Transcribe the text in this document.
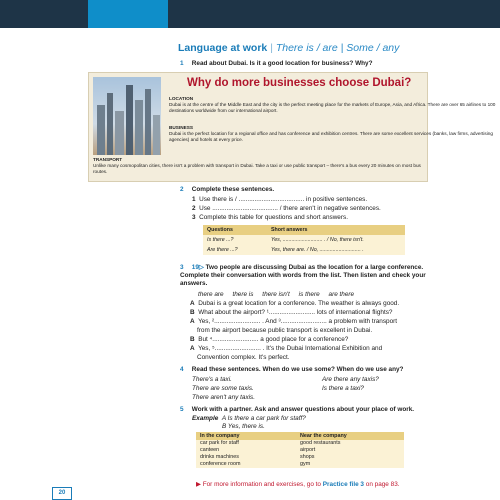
Language at work | There is / are | Some / any
1 Read about Dubai. Is it a good location for business? Why?
Why do more businesses choose Dubai?
LOCATION
Dubai is at the centre of the Middle East and the city is the perfect meeting place for the markets of Europe, Asia, and Africa. There are over 65 airlines to 100 destinations worldwide from our international airport.
BUSINESS
Dubai is the perfect location for a regional office and has conference and exhibition centres. There are some excellent services (banks, law firms, advertising agencies) and hotels at every price.
TRANSPORT
Unlike many cosmopolitan cities, there isn't a problem with transport in Dubai. Take a taxi or use public transport – there's a bus every 20 minutes on most bus routes.
2 Complete these sentences.
1 Use there is / ..................................... in positive sentences.
2 Use ..................................... / there aren't in negative sentences.
3 Complete this table for questions and short answers.
Questions	Short answers
Is there ...?	Yes, ........................... . / No, there isn't.
Are there ...?	Yes, there are. / No, ............................ .
3 19▷ Two people are discussing Dubai as the location for a large conference. Complete their conversation with words from the list. Then listen and check your answers.
there are     there is     there isn't     is there     are there
A Dubai is a great location for a conference. The weather is always good.
B What about the airport? ¹.......................... lots of international flights?
A Yes, ².......................... . And ³.......................... a problem with transport
from the airport because public transport is excellent in Dubai.
B But ⁴.......................... a good place for a conference?
A Yes, ⁵.......................... . It's the Dubai International Exhibition and
Convention complex. It's perfect.
4 Read these sentences. When do we use some? When do we use any?
There's a taxi.
There are some taxis.
There aren't any taxis.
Are there any taxis?
Is there a taxi?
5 Work with a partner. Ask and answer questions about your place of work.
Example A Is there a car park for staff?
B Yes, there is.
In the company	Near the company
car park for staff	good restaurants
canteen	airport
drinks machines	shops
conference room	gym
▶ For more information and exercises, go to Practice file 3 on page 83.
20
